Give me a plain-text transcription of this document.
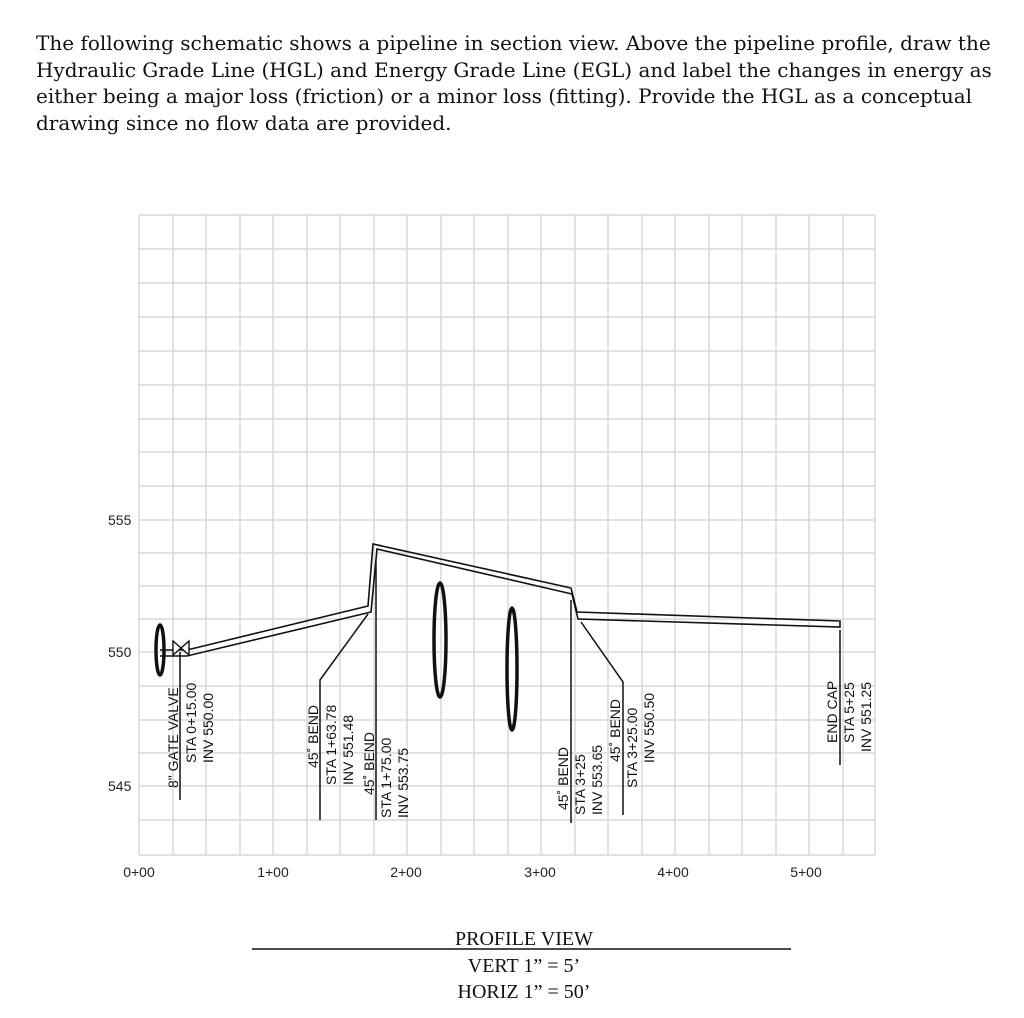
The following schematic shows a pipeline in section view. Above the pipeline profile, draw the Hydraulic Grade Line (HGL) and Energy Grade Line (EGL) and label the changes in energy as either being a major loss (friction) or a minor loss (fitting). Provide the HGL as a conceptual drawing since no flow data are provided.

555
550
545
0+00	1+00	2+00	3+00	4+00	5+00
8" GATE VALVE STA 0+15.00 INV 550.00	45˚ BEND STA 1+63.78 INV 551.48 45˚ BEND STA 1+75.00 INV 553.75	45˚ BEND STA 3+25 INV 553.65
45˚ BEND STA 3+25.00 INV 550.50	END CAP STA 5+25 INV 551.25
PROFILE VIEW
VERT 1” = 5’
HORIZ 1” = 50’
